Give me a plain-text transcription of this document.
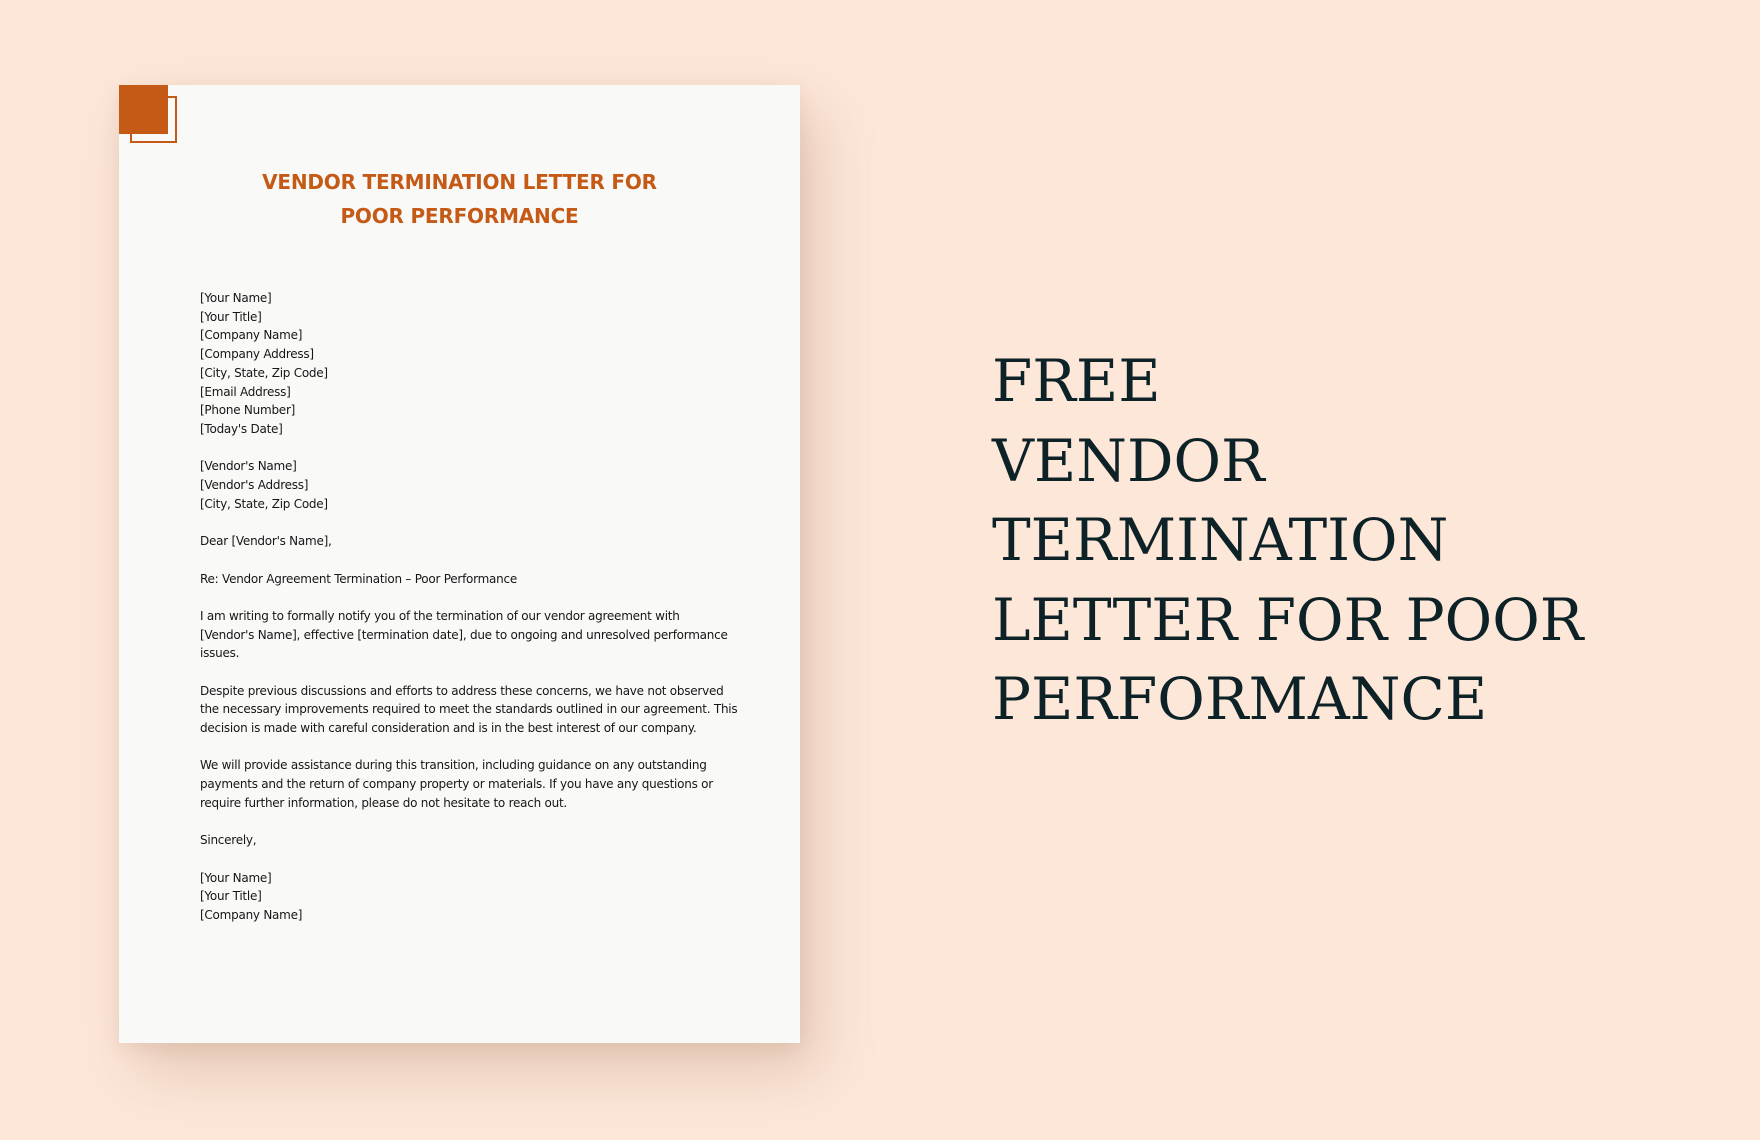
VENDOR TERMINATION LETTER FOR
POOR PERFORMANCE
[Your Name]
[Your Title]
[Company Name]
[Company Address]
[City, State, Zip Code]
[Email Address]
[Phone Number]
[Today's Date]
[Vendor's Name]
[Vendor's Address]
[City, State, Zip Code]
Dear [Vendor's Name],
Re: Vendor Agreement Termination – Poor Performance
I am writing to formally notify you of the termination of our vendor agreement with
[Vendor's Name], effective [termination date], due to ongoing and unresolved performance
issues.
Despite previous discussions and efforts to address these concerns, we have not observed
the necessary improvements required to meet the standards outlined in our agreement. This
decision is made with careful consideration and is in the best interest of our company.
We will provide assistance during this transition, including guidance on any outstanding
payments and the return of company property or materials. If you have any questions or
require further information, please do not hesitate to reach out.
Sincerely,
[Your Name]
[Your Title]
[Company Name]
FREE
VENDOR
TERMINATION
LETTER FOR POOR
PERFORMANCE
